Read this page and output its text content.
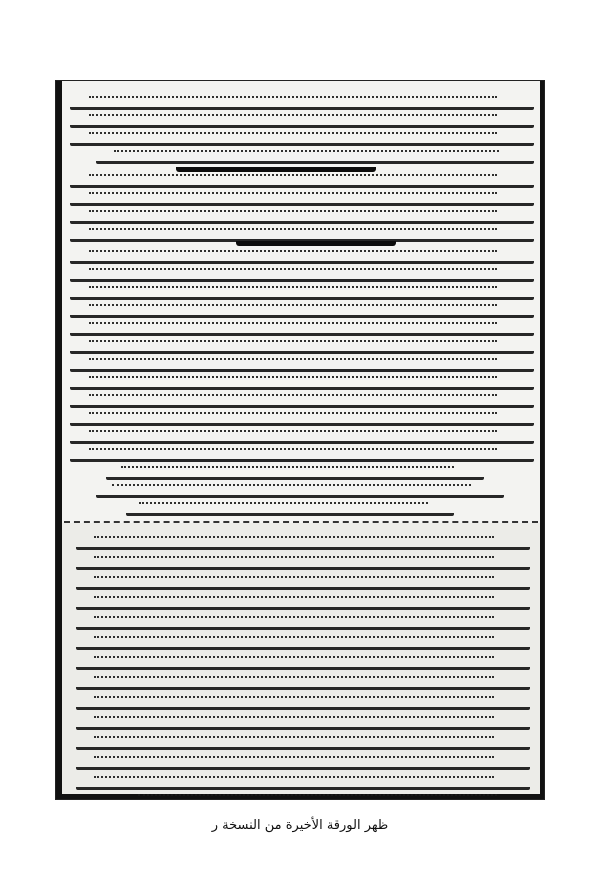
ظهر الورقة الأخيرة من النسخة ر
